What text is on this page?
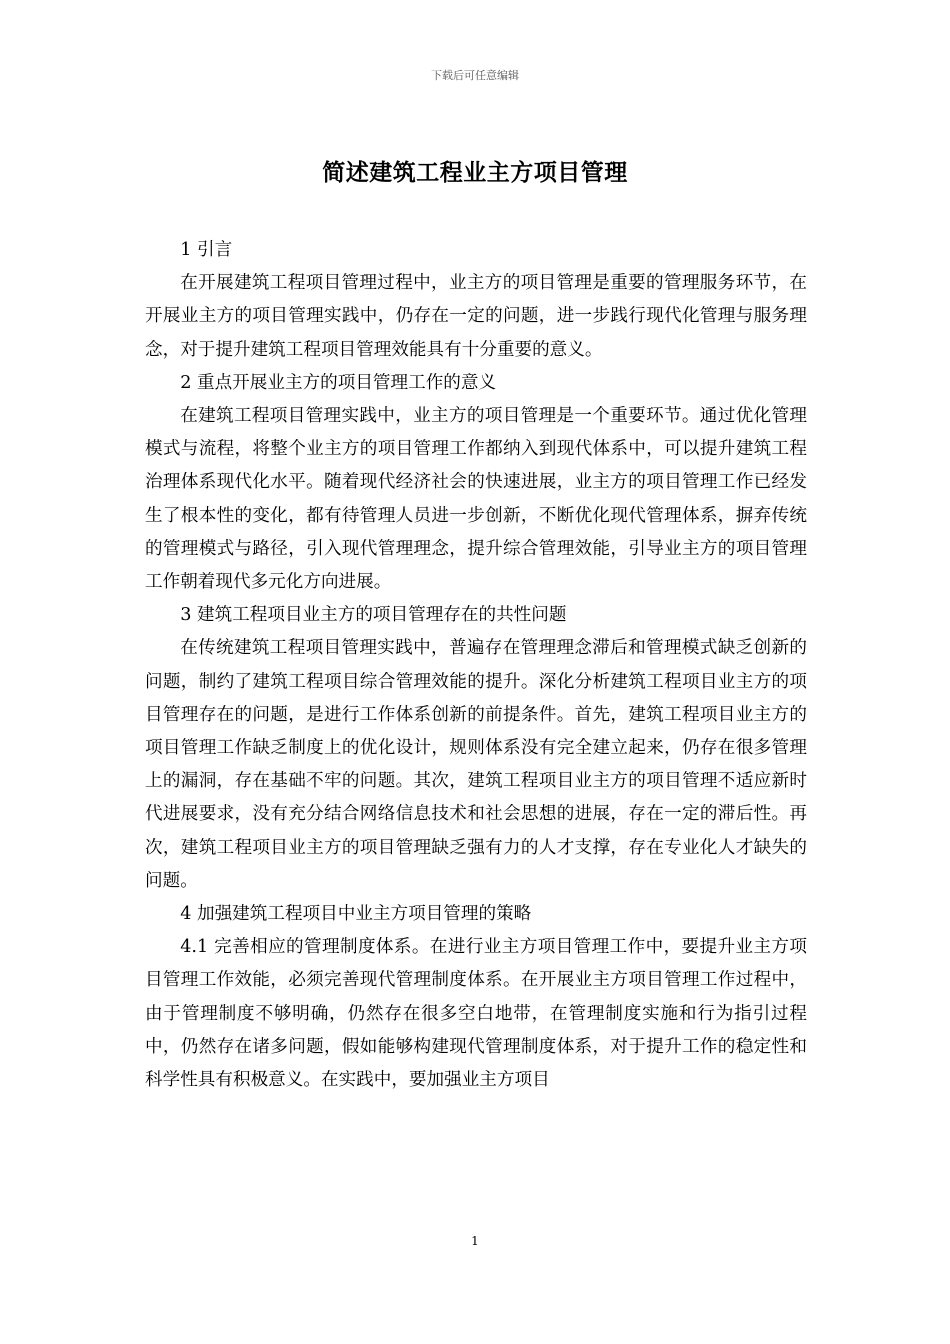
下载后可任意编辑
简述建筑工程业主方项目管理

1 引言

在开展建筑工程项目管理过程中，业主方的项目管理是重要的管理服务环节，在开展业主方的项目管理实践中，仍存在一定的问题，进一步践行现代化管理与服务理念，对于提升建筑工程项目管理效能具有十分重要的意义。

2 重点开展业主方的项目管理工作的意义

在建筑工程项目管理实践中，业主方的项目管理是一个重要环节。通过优化管理模式与流程，将整个业主方的项目管理工作都纳入到现代体系中，可以提升建筑工程治理体系现代化水平。随着现代经济社会的快速进展，业主方的项目管理工作已经发生了根本性的变化，都有待管理人员进一步创新，不断优化现代管理体系，摒弃传统的管理模式与路径，引入现代管理理念，提升综合管理效能，引导业主方的项目管理工作朝着现代多元化方向进展。

3 建筑工程项目业主方的项目管理存在的共性问题

在传统建筑工程项目管理实践中，普遍存在管理理念滞后和管理模式缺乏创新的问题，制约了建筑工程项目综合管理效能的提升。深化分析建筑工程项目业主方的项目管理存在的问题，是进行工作体系创新的前提条件。首先，建筑工程项目业主方的项目管理工作缺乏制度上的优化设计，规则体系没有完全建立起来，仍存在很多管理上的漏洞，存在基础不牢的问题。其次，建筑工程项目业主方的项目管理不适应新时代进展要求，没有充分结合网络信息技术和社会思想的进展，存在一定的滞后性。再次，建筑工程项目业主方的项目管理缺乏强有力的人才支撑，存在专业化人才缺失的问题。

4 加强建筑工程项目中业主方项目管理的策略

4.1 完善相应的管理制度体系。在进行业主方项目管理工作中，要提升业主方项目管理工作效能，必须完善现代管理制度体系。在开展业主方项目管理工作过程中，由于管理制度不够明确，仍然存在很多空白地带，在管理制度实施和行为指引过程中，仍然存在诸多问题，假如能够构建现代管理制度体系，对于提升工作的稳定性和科学性具有积极意义。在实践中，要加强业主方项目

1
